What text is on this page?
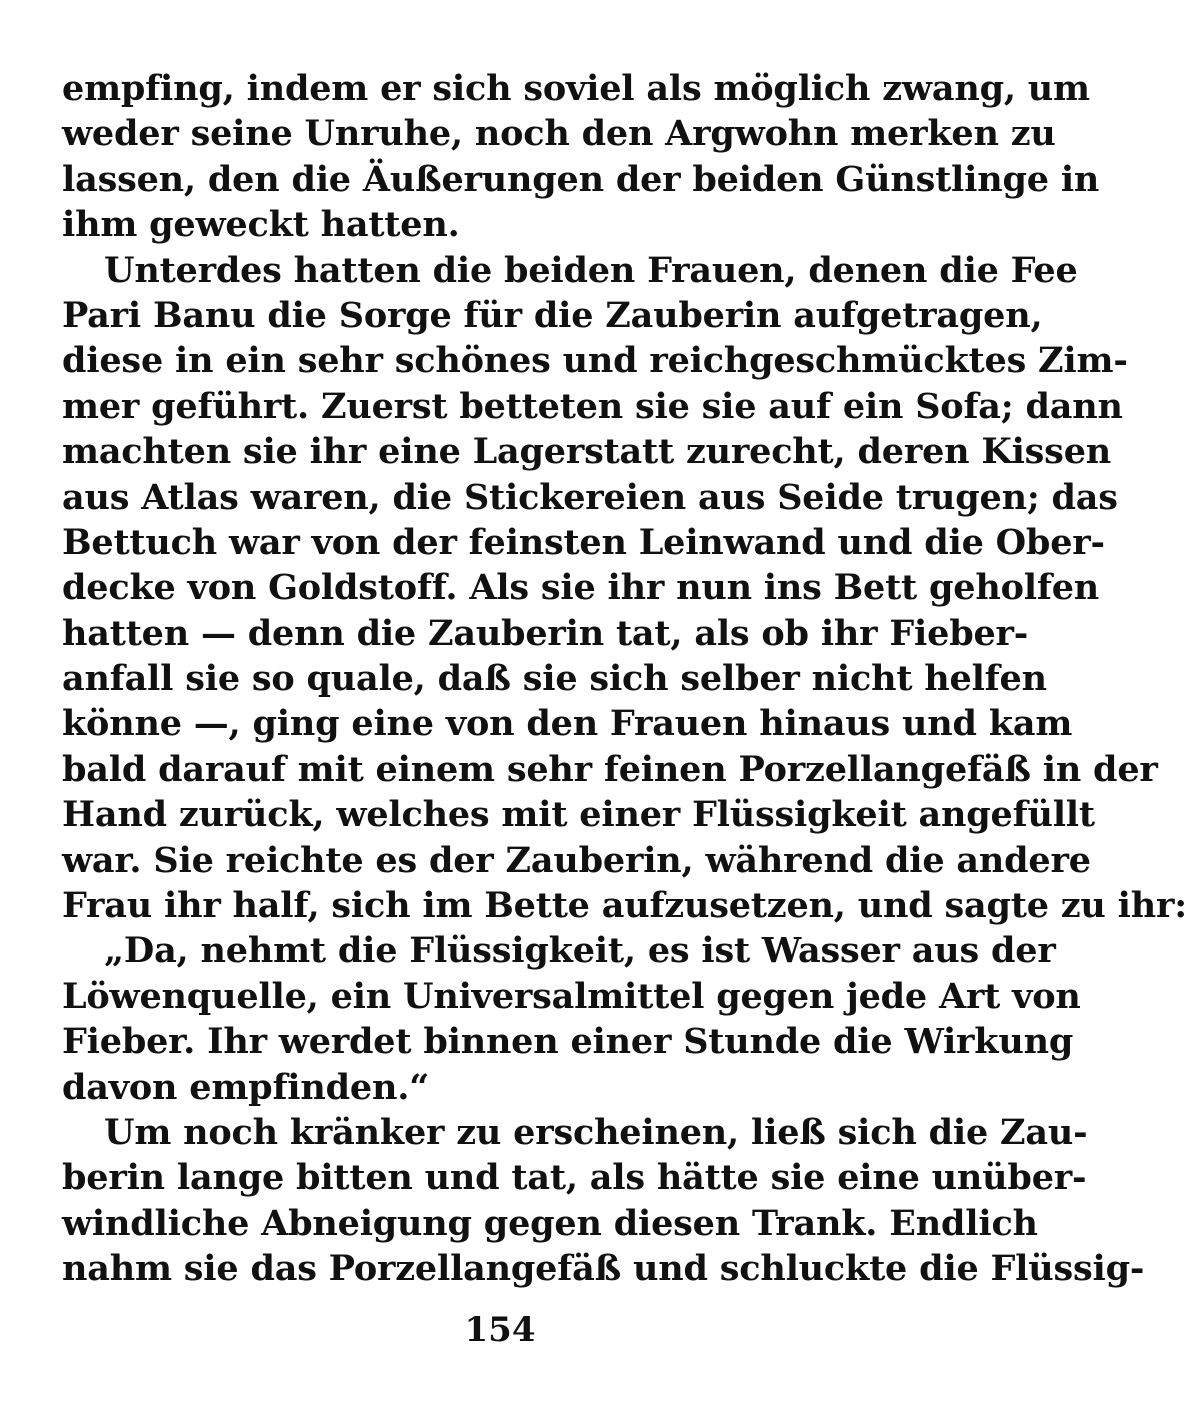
empfing, indem er sich soviel als möglich zwang, um
weder seine Unruhe, noch den Argwohn merken zu
lassen, den die Äußerungen der beiden Günstlinge in
ihm geweckt hatten.
Unterdes hatten die beiden Frauen, denen die Fee
Pari Banu die Sorge für die Zauberin aufgetragen,
diese in ein sehr schönes und reichgeschmücktes Zim-
mer geführt. Zuerst betteten sie sie auf ein Sofa; dann
machten sie ihr eine Lagerstatt zurecht, deren Kissen
aus Atlas waren, die Stickereien aus Seide trugen; das
Bettuch war von der feinsten Leinwand und die Ober-
decke von Goldstoff. Als sie ihr nun ins Bett geholfen
hatten — denn die Zauberin tat, als ob ihr Fieber-
anfall sie so quale, daß sie sich selber nicht helfen
könne —, ging eine von den Frauen hinaus und kam
bald darauf mit einem sehr feinen Porzellangefäß in der
Hand zurück, welches mit einer Flüssigkeit angefüllt
war. Sie reichte es der Zauberin, während die andere
Frau ihr half, sich im Bette aufzusetzen, und sagte zu ihr:
„Da, nehmt die Flüssigkeit, es ist Wasser aus der
Löwenquelle, ein Universalmittel gegen jede Art von
Fieber. Ihr werdet binnen einer Stunde die Wirkung
davon empfinden.“
Um noch kränker zu erscheinen, ließ sich die Zau-
berin lange bitten und tat, als hätte sie eine unüber-
windliche Abneigung gegen diesen Trank. Endlich
nahm sie das Porzellangefäß und schluckte die Flüssig-
154
